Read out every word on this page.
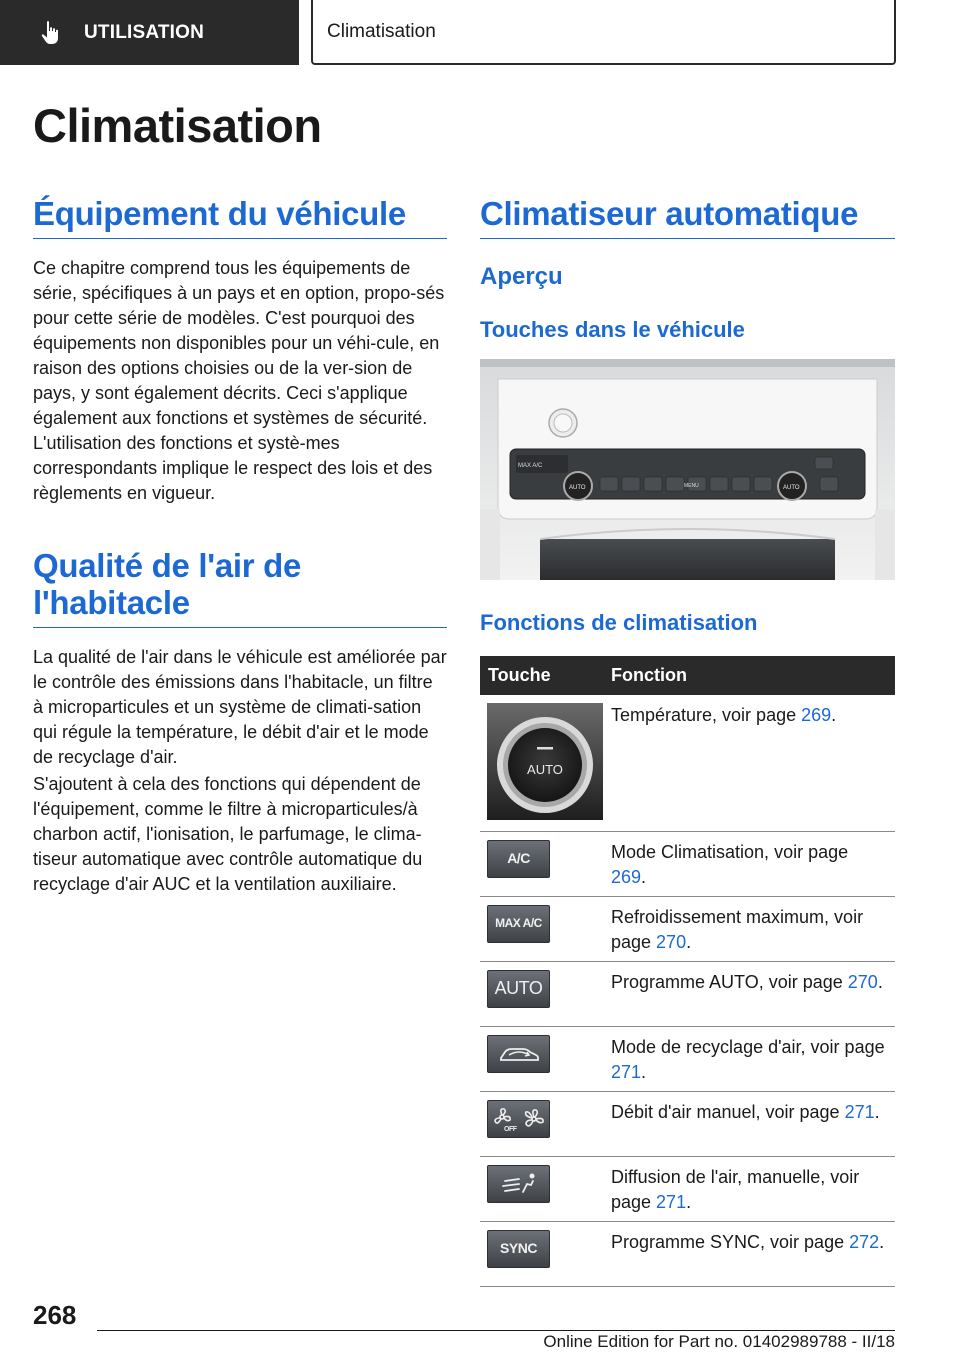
UTILISATION	Climatisation
Climatisation
Équipement du véhicule

Ce chapitre comprend tous les équipements de série, spécifiques à un pays et en option, propo-sés pour cette série de modèles. C'est pourquoi des équipements non disponibles pour un véhi-cule, en raison des options choisies ou de la ver-sion de pays, y sont également décrits. Ceci s'applique également aux fonctions et systèmes de sécurité. L'utilisation des fonctions et systè-mes correspondants implique le respect des lois et des règlements en vigueur.

Qualité de l'air de l'habitacle

La qualité de l'air dans le véhicule est améliorée par le contrôle des émissions dans l'habitacle, un filtre à microparticules et un système de climati-sation qui régule la température, le débit d'air et le mode de recyclage d'air.

S'ajoutent à cela des fonctions qui dépendent de l'équipement, comme le filtre à microparticules/à charbon actif, l'ionisation, le parfumage, le clima-tiseur automatique avec contrôle automatique du recyclage d'air AUC et la ventilation auxiliaire.

Climatiseur automatique
Aperçu
Touches dans le véhicule
MAX A/C
AUTO	AUTO
MENU
Fonctions de climatisation
Touche	Fonction

AUTO	Température, voir page 269.

A/C	Mode Climatisation, voir page 269.

MAX A/C	Refroidissement maximum, voir page 270.

AUTO	Programme AUTO, voir page 270.

	Mode de recyclage d'air, voir page 271.

OFF	Débit d'air manuel, voir page 271.

	Diffusion de l'air, manuelle, voir page 271.

SYNC	Programme SYNC, voir page 272.
268
Online Edition for Part no. 01402989788 - II/18
